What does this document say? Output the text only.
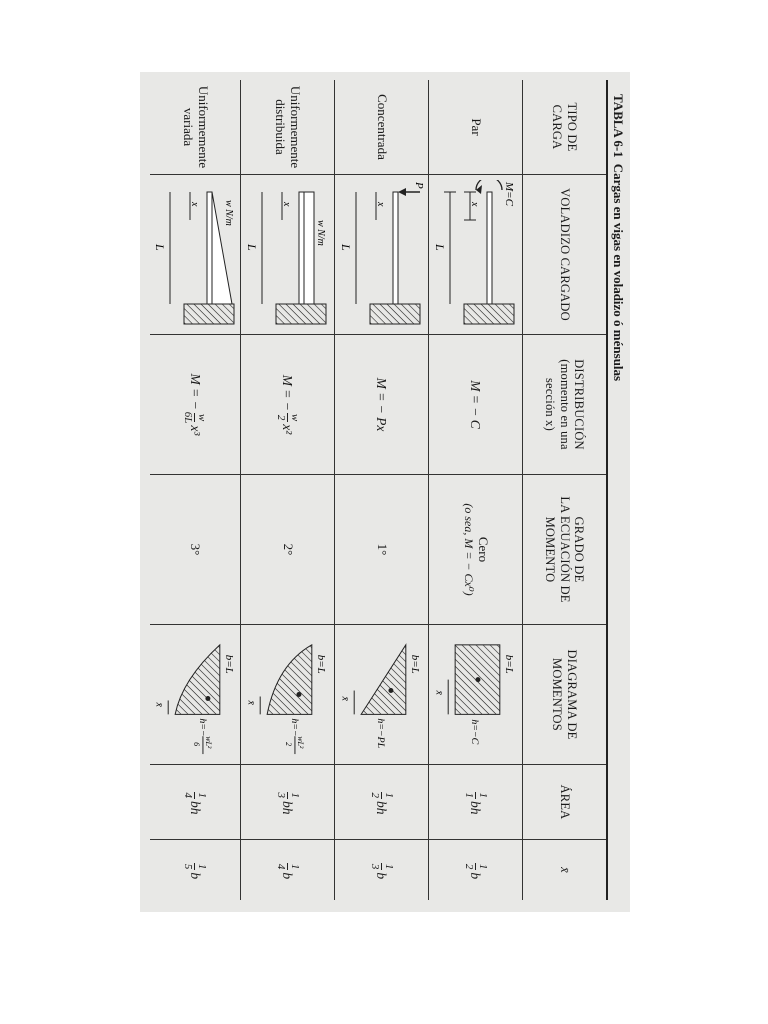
TABLA 6-1
Cargas en vigas en voladizo ó ménsulas
TIPO DE CARGA
VOLADIZO CARGADO
DISTRIBUCIÓN
(momento en una
sección x)
GRADO DE
LA ECUACIÓN DE
MOMENTO
DIAGRAMA DE
MOMENTOS
ÁREA
x̄
Par
M=C
x
L
M = − C
Cero
(o sea, M = − Cx⁰)
b=L
h=−C
x̄
1
1
bh
1
2
b
Concentrada
P
x
L
M = − Px
1°
b=L
h=−PL
x̄
1
2
bh
1
3
b
Uniformemente
distribuida
w N/m
x
L
M = −
w
2
x²
2°
b=L
h=−
wL²
2
x̄
1
3
bh
1
4
b
Uniformemente
variada
w N/m
x
L
M = −
w
6L
x³
3°
b=L
h=−
wL²
6
x̄
1
4
bh
1
5
b
